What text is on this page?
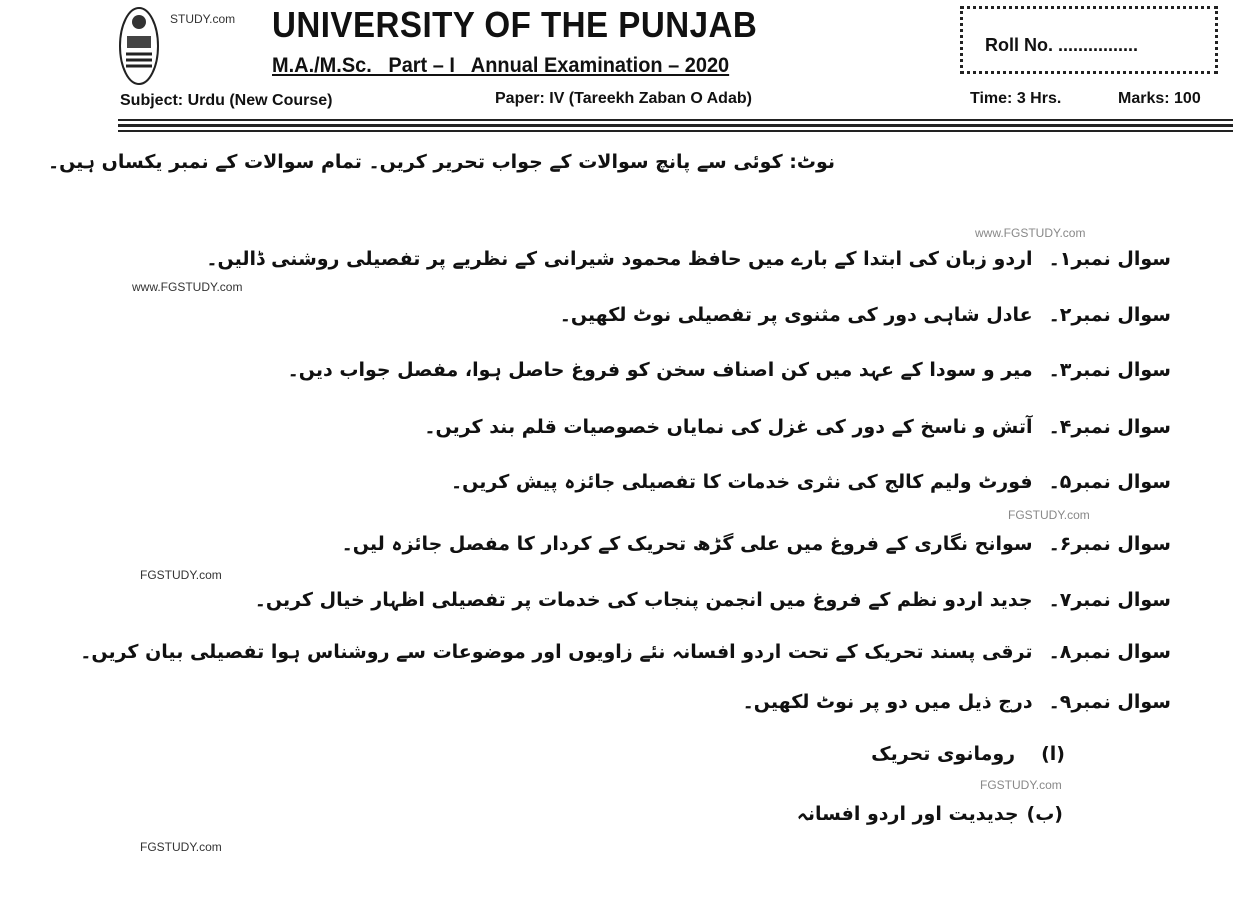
STUDY.com UNIVERSITY OF THE PUNJAB
M.A./M.Sc.   Part – I   Annual Examination – 2020
Subject: Urdu (New Course)	Paper: IV (Tareekh Zaban O Adab)	Time: 3 Hrs.	Marks: 100
Roll No. ................
نوٹ: کوئی سے پانچ سوالات کے جواب تحریر کریں۔ تمام سوالات کے نمبر یکساں ہیں۔
سوال نمبر۱۔
اردو زبان کی ابتدا کے بارے میں حافظ محمود شیرانی کے نظریے پر تفصیلی روشنی ڈالیں۔
سوال نمبر۲۔
عادل شاہی دور کی مثنوی پر تفصیلی نوٹ لکھیں۔
سوال نمبر۳۔
میر و سودا کے عہد میں کن اصناف سخن کو فروغ حاصل ہوا، مفصل جواب دیں۔
سوال نمبر۴۔
آتش و ناسخ کے دور کی غزل کی نمایاں خصوصیات قلم بند کریں۔
سوال نمبر۵۔
فورٹ ولیم کالج کی نثری خدمات کا تفصیلی جائزہ پیش کریں۔
سوال نمبر۶۔
سوانح نگاری کے فروغ میں علی گڑھ تحریک کے کردار کا مفصل جائزہ لیں۔
سوال نمبر۷۔
جدید اردو نظم کے فروغ میں انجمن پنجاب کی خدمات پر تفصیلی اظہار خیال کریں۔
سوال نمبر۸۔
ترقی پسند تحریک کے تحت اردو افسانہ نئے زاویوں اور موضوعات سے روشناس ہوا تفصیلی بیان کریں۔
سوال نمبر۹۔
درج ذیل میں دو پر نوٹ لکھیں۔
(ا)
رومانوی تحریک
(ب)
جدیدیت اور اردو افسانہ
www.FGSTUDY.com
FGSTUDY.com
FGSTUDY.com
www.FGSTUDY.com
FGSTUDY.com
FGSTUDY.com
